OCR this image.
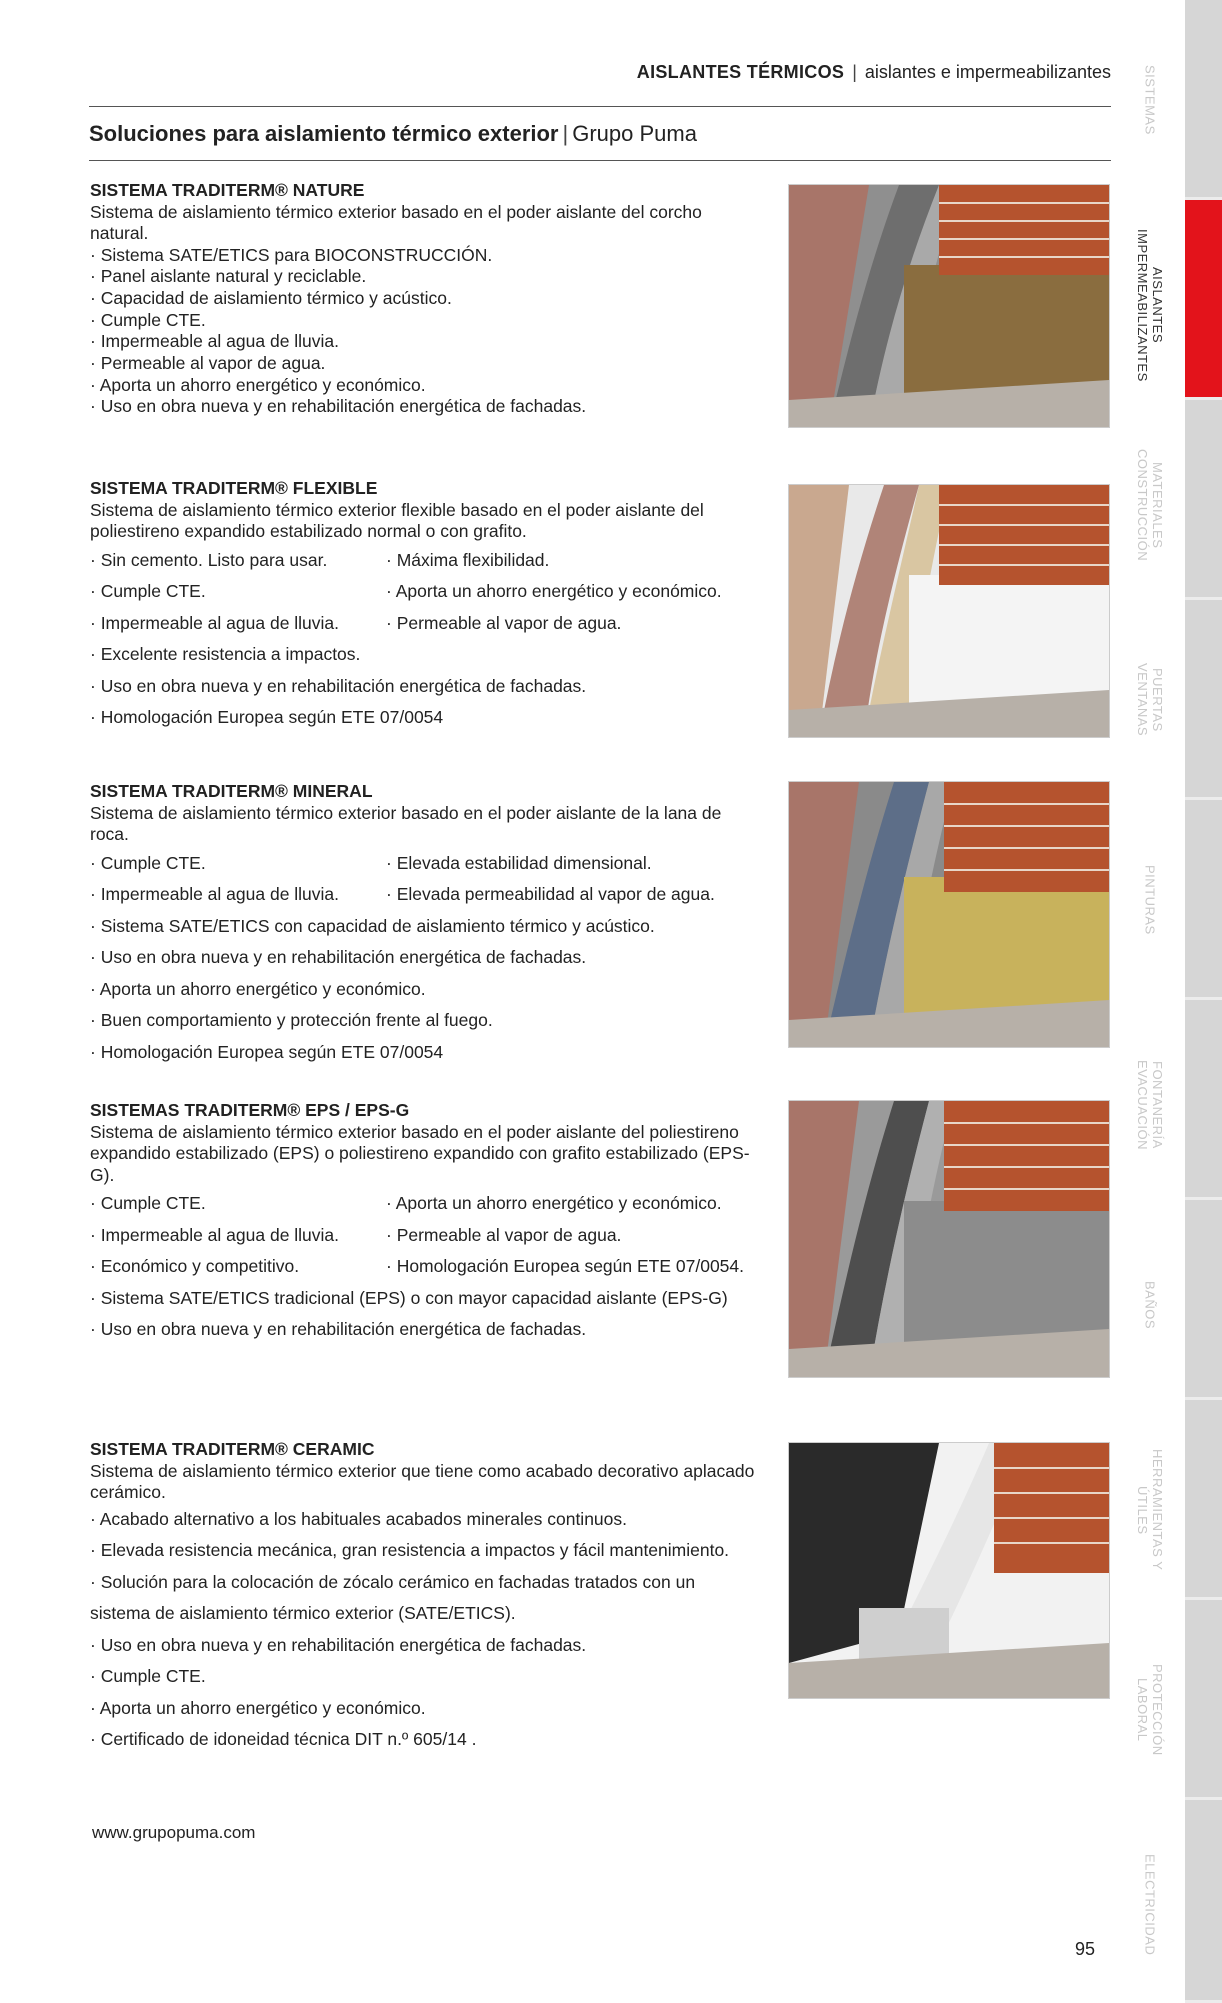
AISLANTES TÉRMICOS | aislantes e impermeabilizantes
Soluciones para aislamiento térmico exterior | Grupo Puma
SISTEMA TRADITERM® NATURE
Sistema de aislamiento térmico exterior basado en el poder aislante del corcho natural.
· Sistema SATE/ETICS para BIOCONSTRUCCIÓN.
· Panel aislante natural y reciclable.
· Capacidad de aislamiento térmico y acústico.
· Cumple CTE.
· Impermeable al agua de lluvia.
· Permeable al vapor de agua.
· Aporta un ahorro energético y económico.
· Uso en obra nueva y en rehabilitación energética de fachadas.
SISTEMA TRADITERM® FLEXIBLE
Sistema de aislamiento térmico exterior flexible basado en el poder aislante del poliestireno expandido estabilizado normal o con grafito.
· Sin cemento. Listo para usar.	· Máxima flexibilidad.
· Cumple CTE.	· Aporta un ahorro energético y económico.
· Impermeable al agua de lluvia.	· Permeable al vapor de agua.
· Excelente resistencia a impactos.
· Uso en obra nueva y en rehabilitación energética de fachadas.
· Homologación Europea según ETE 07/0054
SISTEMA TRADITERM® MINERAL
Sistema de aislamiento térmico exterior basado en el poder aislante de la lana de roca.
· Cumple CTE.	· Elevada estabilidad dimensional.
· Impermeable al agua de lluvia.	· Elevada permeabilidad al vapor de agua.
· Sistema SATE/ETICS con capacidad de aislamiento térmico y acústico.
· Uso en obra nueva y en rehabilitación energética de fachadas.
· Aporta un ahorro energético y económico.
· Buen comportamiento y protección frente al fuego.
· Homologación Europea según ETE 07/0054
SISTEMAS TRADITERM® EPS / EPS-G
Sistema de aislamiento térmico exterior basado en el poder aislante del poliestireno expandido estabilizado (EPS) o poliestireno expandido con grafito estabilizado (EPS-G).
· Cumple CTE.	· Aporta un ahorro energético y económico.
· Impermeable al agua de lluvia.	· Permeable al vapor de agua.
· Económico y competitivo.	· Homologación Europea según ETE 07/0054.
· Sistema SATE/ETICS tradicional (EPS) o con mayor capacidad aislante (EPS-G)
· Uso en obra nueva y en rehabilitación energética de fachadas.
SISTEMA TRADITERM® CERAMIC
Sistema de aislamiento térmico exterior que tiene como acabado decorativo aplacado cerámico.
· Acabado alternativo a los habituales acabados minerales continuos.
· Elevada resistencia mecánica, gran resistencia a impactos y fácil mantenimiento.
· Solución para la colocación de zócalo cerámico en fachadas tratados con un sistema de aislamiento térmico exterior (SATE/ETICS).
· Uso en obra nueva y en rehabilitación energética de fachadas.
· Cumple CTE.
· Aporta un ahorro energético y económico.
· Certificado de idoneidad técnica DIT n.º 605/14 .
www.grupopuma.com
95
SISTEMAS
AISLANTES IMPERMEABILIZANTES
MATERIALES CONSTRUCCIÓN
PUERTAS VENTANAS
PINTURAS
FONTANERÍA EVACUACIÓN
BAÑOS
HERRAMIENTAS Y ÚTILES
PROTECCIÓN LABORAL
ELECTRICIDAD
